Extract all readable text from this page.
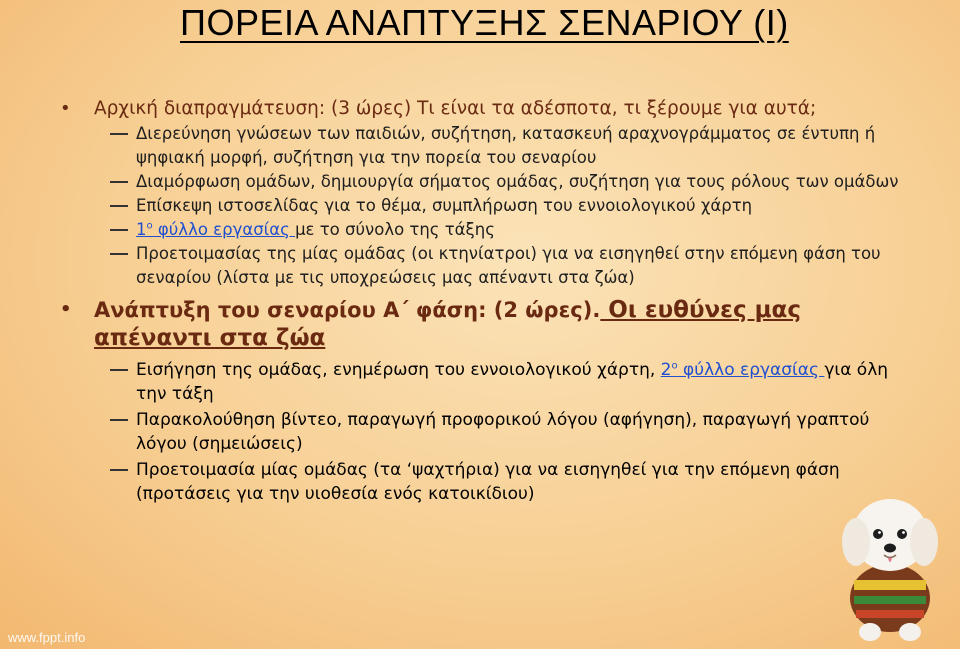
ΠΟΡΕΙΑ ΑΝΑΠΤΥΞΗΣ ΣΕΝΑΡΙΟΥ (Ι)
• Αρχική διαπραγμάτευση: (3 ώρες) Τι είναι τα αδέσποτα, τι ξέρουμε για αυτά;
Διερεύνηση γνώσεων των παιδιών, συζήτηση, κατασκευή αραχνογράμματος σε έντυπη ή ψηφιακή μορφή, συζήτηση για την πορεία του σεναρίου
Διαμόρφωση ομάδων, δημιουργία σήματος ομάδας, συζήτηση για τους ρόλους των ομάδων
Επίσκεψη ιστοσελίδας για το θέμα, συμπλήρωση του εννοιολογικού χάρτη
$1^o$ φύλλο εργασίας με το σύνολο της τάξης
Προετοιμασίας της μίας ομάδας (οι κτηνίατροι) για να εισηγηθεί στην επόμενη φάση του σεναρίου (λίστα με τις υποχρεώσεις μας απέναντι στα ζώα)
• Ανάπτυξη του σεναρίου Α΄ φάση: (2 ώρες). Οι ευθύνες μας απέναντι στα ζώα
Εισήγηση της ομάδας, ενημέρωση του εννοιολογικού χάρτη, $2^o$ φύλλο εργασίας για όλη την τάξη
Παρακολούθηση βίντεο, παραγωγή προφορικού λόγου (αφήγηση), παραγωγή γραπτού λόγου (σημειώσεις)
Προετοιμασία μίας ομάδας (τα ‘ψαχτήρια) για να εισηγηθεί για την επόμενη φάση (προτάσεις για την υιοθεσία ενός κατοικίδιου)
www.fppt.info
